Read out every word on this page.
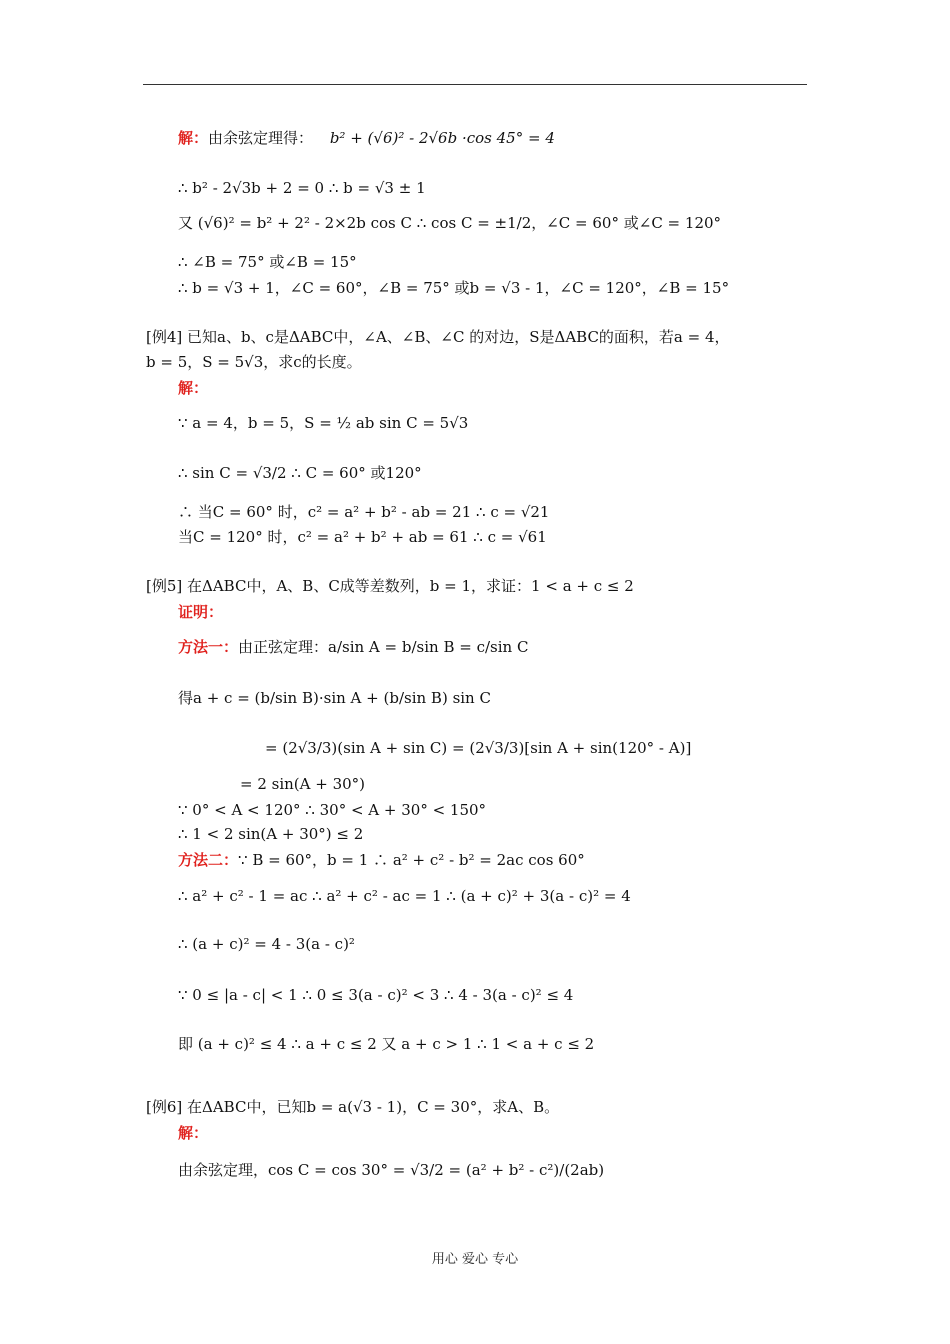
解：由余弦定理得： b² + (√6)² - 2√6b ·cos 45° = 4
∴ b² - 2√3b + 2 = 0 ∴ b = √3 ± 1
又 (√6)² = b² + 2² - 2×2b cos C ∴ cos C = ±1/2，∠C = 60° 或∠C = 120°
∴ ∠B = 75° 或∠B = 15°
∴ b = √3 + 1，∠C = 60°，∠B = 75° 或b = √3 - 1，∠C = 120°，∠B = 15°
[例4] 已知a、b、c是ΔABC中，∠A、∠B、∠C 的对边，S是ΔABC的面积，若a = 4，
b = 5，S = 5√3，求c的长度。
解：
∵ a = 4，b = 5，S = ½ ab sin C = 5√3
∴ sin C = √3/2 ∴ C = 60° 或120°
∴ 当C = 60° 时，c² = a² + b² - ab = 21 ∴ c = √21
当C = 120° 时，c² = a² + b² + ab = 61 ∴ c = √61
[例5] 在ΔABC中，A、B、C成等差数列，b = 1，求证：1 < a + c ≤ 2
证明：
方法一：由正弦定理：a/sin A = b/sin B = c/sin C
得a + c = (b/sin B)·sin A + (b/sin B) sin C
= (2√3/3)(sin A + sin C) = (2√3/3)[sin A + sin(120° - A)]
= 2 sin(A + 30°)
∵ 0° < A < 120° ∴ 30° < A + 30° < 150°
∴ 1 < 2 sin(A + 30°) ≤ 2
方法二：∵ B = 60°，b = 1 ∴ a² + c² - b² = 2ac cos 60°
∴ a² + c² - 1 = ac ∴ a² + c² - ac = 1 ∴ (a + c)² + 3(a - c)² = 4
∴ (a + c)² = 4 - 3(a - c)²
∵ 0 ≤ |a - c| < 1 ∴ 0 ≤ 3(a - c)² < 3 ∴ 4 - 3(a - c)² ≤ 4
即 (a + c)² ≤ 4 ∴ a + c ≤ 2 又 a + c > 1 ∴ 1 < a + c ≤ 2
[例6] 在ΔABC中，已知b = a(√3 - 1)，C = 30°，求A、B。
解：
由余弦定理，cos C = cos 30° = √3/2 = (a² + b² - c²)/(2ab)
用心 爱心 专心
